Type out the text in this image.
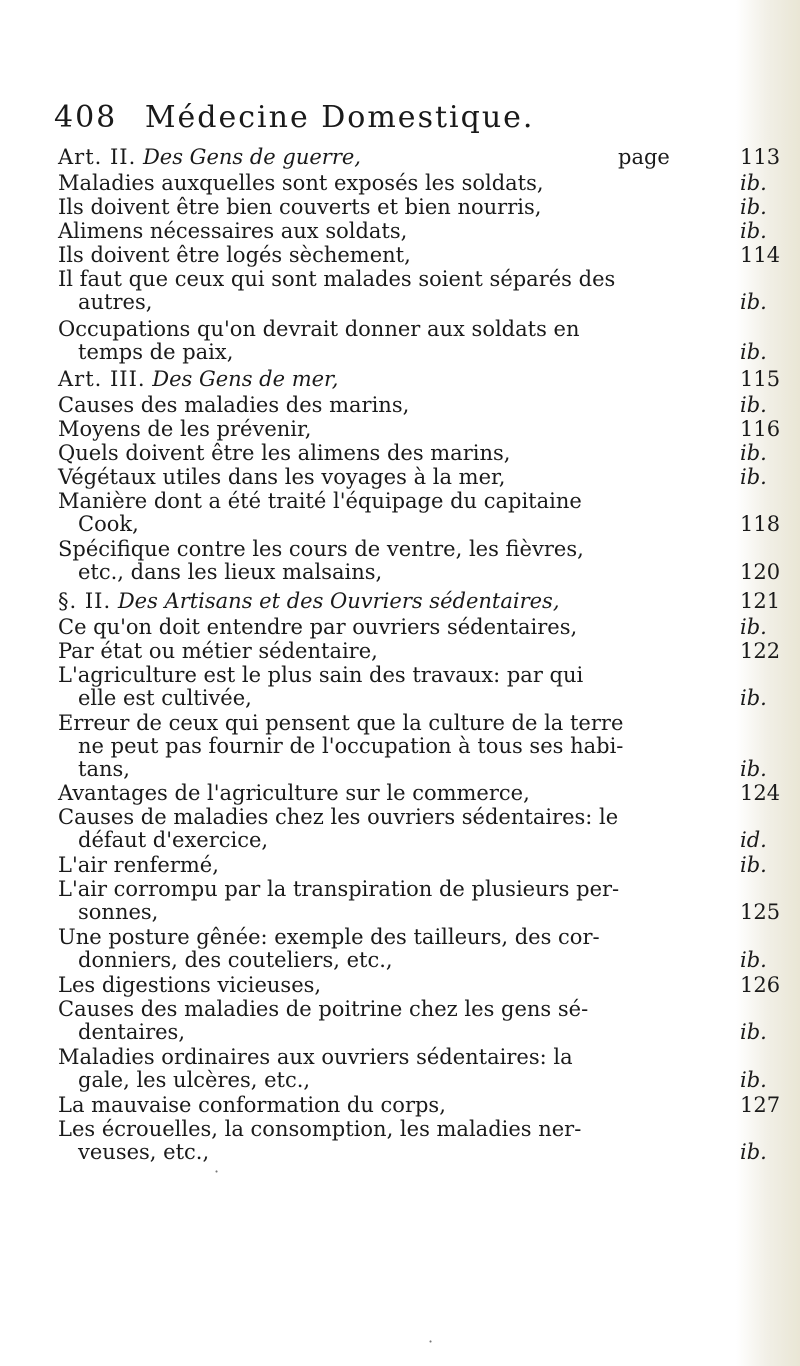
408 Médecine Domestique.
Art. II. Des Gens de guerre,	page	113
Maladies auxquelles sont exposés les soldats,	ib.
Ils doivent être bien couverts et bien nourris,	ib.
Alimens nécessaires aux soldats,	ib.
Ils doivent être logés sèchement,	114
Il faut que ceux qui sont malades soient séparés des
autres,	ib.
Occupations qu'on devrait donner aux soldats en
temps de paix,	ib.
Art. III. Des Gens de mer,	115
Causes des maladies des marins,	ib.
Moyens de les prévenir,	116
Quels doivent être les alimens des marins,	ib.
Végétaux utiles dans les voyages à la mer,	ib.
Manière dont a été traité l'équipage du capitaine
Cook,	118
Spécifique contre les cours de ventre, les fièvres,
etc., dans les lieux malsains,	120
§. II. Des Artisans et des Ouvriers sédentaires,	121
Ce qu'on doit entendre par ouvriers sédentaires,	ib.
Par état ou métier sédentaire,	122
L'agriculture est le plus sain des travaux: par qui
elle est cultivée,	ib.
Erreur de ceux qui pensent que la culture de la terre
ne peut pas fournir de l'occupation à tous ses habi-
tans,	ib.
Avantages de l'agriculture sur le commerce,	124
Causes de maladies chez les ouvriers sédentaires: le
défaut d'exercice,	id.
L'air renfermé,	ib.
L'air corrompu par la transpiration de plusieurs per-
sonnes,	125
Une posture gênée: exemple des tailleurs, des cor-
donniers, des couteliers, etc.,	ib.
Les digestions vicieuses,	126
Causes des maladies de poitrine chez les gens sé-
dentaires,	ib.
Maladies ordinaires aux ouvriers sédentaires: la
gale, les ulcères, etc.,	ib.
La mauvaise conformation du corps,	127
Les écrouelles, la consomption, les maladies ner-
veuses, etc.,	ib.
·
·
